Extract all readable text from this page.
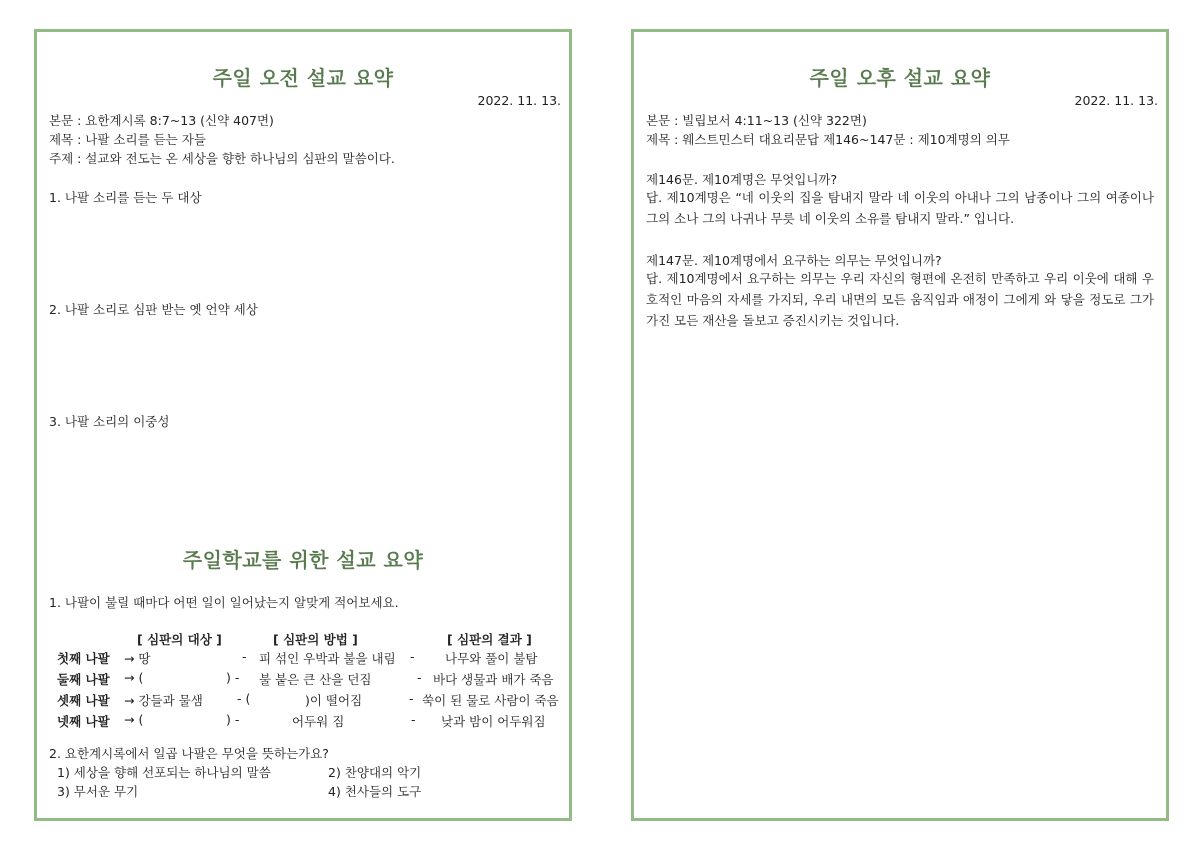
주일 오전 설교 요약
2022. 11. 13.
본문 : 요한계시록 8:7~13 (신약 407면)
제목 : 나팔 소리를 듣는 자들
주제 : 설교와 전도는 온 세상을 향한 하나님의 심판의 말씀이다.
1. 나팔 소리를 듣는 두 대상
2. 나팔 소리로 심판 받는 옛 언약 세상
3. 나팔 소리의 이중성
주일학교를 위한 설교 요약
1. 나팔이 불릴 때마다 어떤 일이 일어났는지 알맞게 적어보세요.
[ 심판의 대상 ]	[ 심판의 방법 ]	[ 심판의 결과 ]
첫째 나팔 → 땅	- 피 섞인 우박과 불을 내림 - 나무와 풀이 불탐
둘째 나팔 → (	) - 불 붙은 큰 산을 던짐	- 바다 생물과 배가 죽음
셋째 나팔 → 강들과 물샘	- (	)이 떨어짐	- 쑥이 된 물로 사람이 죽음
넷째 나팔 → (	) -	어두워 짐	- 낮과 밤이 어두워짐
2. 요한계시록에서 일곱 나팔은 무엇을 뜻하는가요?
1) 세상을 향해 선포되는 하나님의 말씀	2) 찬양대의 악기
3) 무서운 무기	4) 천사들의 도구
주일 오후 설교 요약
2022. 11. 13.
본문 : 빌립보서 4:11~13 (신약 322면)
제목 : 웨스트민스터 대요리문답 제146~147문 : 제10계명의 의무
제146문. 제10계명은 무엇입니까?
답. 제10계명은 “네 이웃의 집을 탐내지 말라 네 이웃의 아내나 그의 남종이나 그의 여종이나 그의 소나 그의 나귀나 무릇 네 이웃의 소유를 탐내지 말라.” 입니다.
제147문. 제10계명에서 요구하는 의무는 무엇입니까?
답. 제10계명에서 요구하는 의무는 우리 자신의 형편에 온전히 만족하고 우리 이웃에 대해 우호적인 마음의 자세를 가지되, 우리 내면의 모든 움직임과 애정이 그에게 와 닿을 정도로 그가 가진 모든 재산을 돌보고 증진시키는 것입니다.
